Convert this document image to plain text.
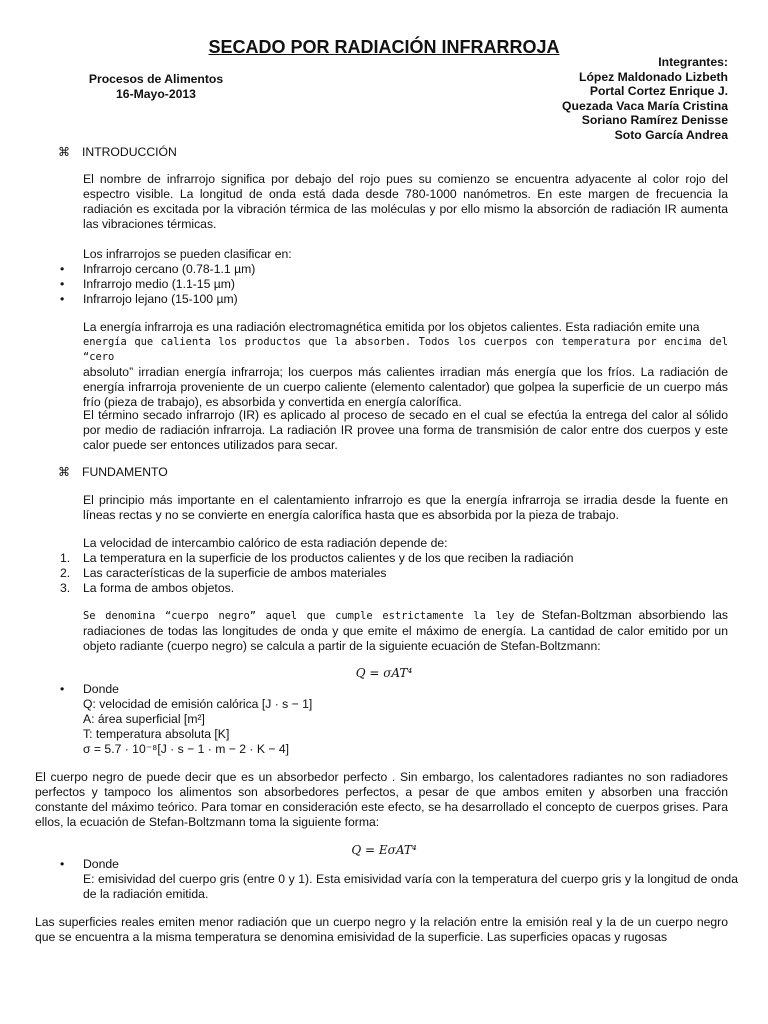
SECADO POR RADIACIÓN INFRARROJA
Procesos de Alimentos
16-Mayo-2013
Integrantes:
López Maldonado Lizbeth
Portal Cortez Enrique J.
Quezada Vaca María Cristina
Soriano Ramírez Denisse
Soto García Andrea
⌘ INTRODUCCIÓN
El nombre de infrarrojo significa por debajo del rojo pues su comienzo se encuentra adyacente al color rojo del espectro visible. La longitud de onda está dada desde 780-1000 nanómetros. En este margen de frecuencia la radiación es excitada por la vibración térmica de las moléculas y por ello mismo la absorción de radiación IR aumenta las vibraciones térmicas.
Los infrarrojos se pueden clasificar en:
• Infrarrojo cercano (0.78-1.1 µm)
• Infrarrojo medio (1.1-15 µm)
• Infrarrojo lejano (15-100 µm)

La energía infrarroja es una radiación electromagnética emitida por los objetos calientes. Esta radiación emite una

energía que calienta los productos que la absorben. Todos los cuerpos con temperatura por encima del “cero

absoluto” irradian energía infrarroja; los cuerpos más calientes irradian más energía que los fríos. La radiación de energía infrarroja proveniente de un cuerpo caliente (elemento calentador) que golpea la superficie de un cuerpo más frío (pieza de trabajo), es absorbida y convertida en energía calorífica.

El término secado infrarrojo (IR) es aplicado al proceso de secado en el cual se efectúa la entrega del calor al sólido por medio de radiación infrarroja. La radiación IR provee una forma de transmisión de calor entre dos cuerpos y este calor puede ser entonces utilizados para secar.
⌘ FUNDAMENTO
El principio más importante en el calentamiento infrarrojo es que la energía infrarroja se irradia desde la fuente en líneas rectas y no se convierte en energía calorífica hasta que es absorbida por la pieza de trabajo.
La velocidad de intercambio calórico de esta radiación depende de:
1. La temperatura en la superficie de los productos calientes y de los que reciben la radiación
2. Las características de la superficie de ambos materiales
3. La forma de ambos objetos.
Se denomina “cuerpo negro” aquel que cumple estrictamente la ley de Stefan-Boltzman absorbiendo las radiaciones de todas las longitudes de onda y que emite el máximo de energía. La cantidad de calor emitido por un objeto radiante (cuerpo negro) se calcula a partir de la siguiente ecuación de Stefan-Boltzmann:
Q = σAT⁴
• Donde
Q: velocidad de emisión calórica [J · s − 1]
A: área superficial [m²]
T: temperatura absoluta [K]
σ = 5.7 · 10⁻⁸[J · s − 1 · m − 2 · K − 4]
El cuerpo negro de puede decir que es un absorbedor perfecto . Sin embargo, los calentadores radiantes no son radiadores perfectos y tampoco los alimentos son absorbedores perfectos, a pesar de que ambos emiten y absorben una fracción constante del máximo teórico. Para tomar en consideración este efecto, se ha desarrollado el concepto de cuerpos grises. Para ellos, la ecuación de Stefan-Boltzmann toma la siguiente forma:
Q = EσAT⁴
• Donde
E: emisividad del cuerpo gris (entre 0 y 1). Esta emisividad varía con la temperatura del cuerpo gris y la longitud de onda de la radiación emitida.
Las superficies reales emiten menor radiación que un cuerpo negro y la relación entre la emisión real y la de un cuerpo negro que se encuentra a la misma temperatura se denomina emisividad de la superficie. Las superficies opacas y rugosas
